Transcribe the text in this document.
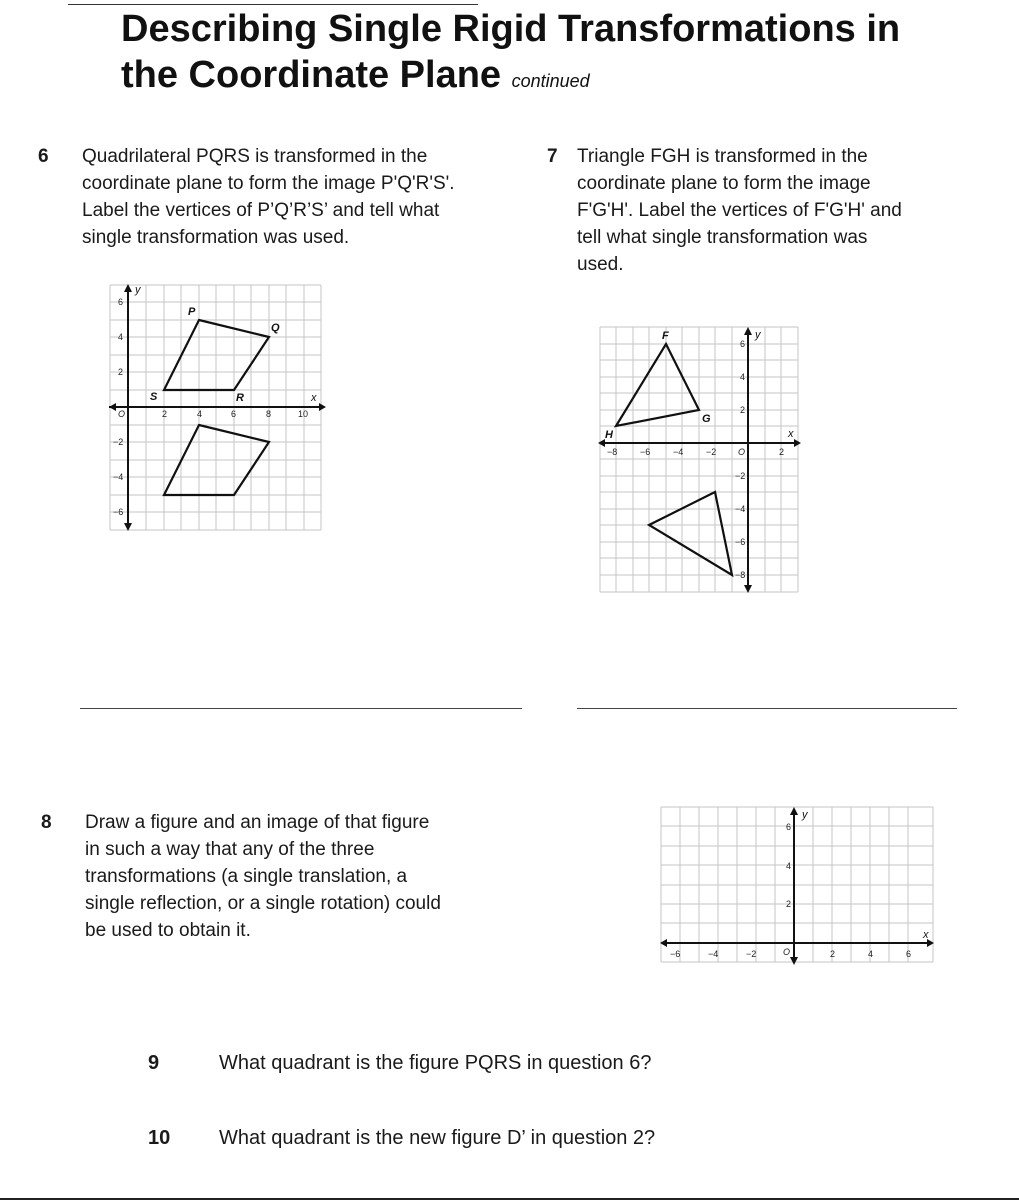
Describing Single Rigid Transformations in
the Coordinate Plane continued
6 Quadrilateral PQRS is transformed in the
coordinate plane to form the image P'Q'R'S'.
Label the vertices of P’Q’R’S’ and tell what
single transformation was used.
7 Triangle FGH is transformed in the
coordinate plane to form the image
F'G'H'. Label the vertices of F'G'H' and
tell what single transformation was
used.
y
x
O	2	4	6	8	10
6
4
2
−2
−4
−6
P
Q
R
S
y
x
O
−8	−6	−4	−2	2
6
4
2
−2
−4
−6
−8
F
G
H
8 Draw a figure and an image of that figure
in such a way that any of the three
transformations (a single translation, a
single reflection, or a single rotation) could
be used to obtain it.
y
x
O
−6	−4	−2	2	4	6
6
4
2
9	What quadrant is the figure PQRS in question 6?
10 What quadrant is the new figure D’ in question 2?
